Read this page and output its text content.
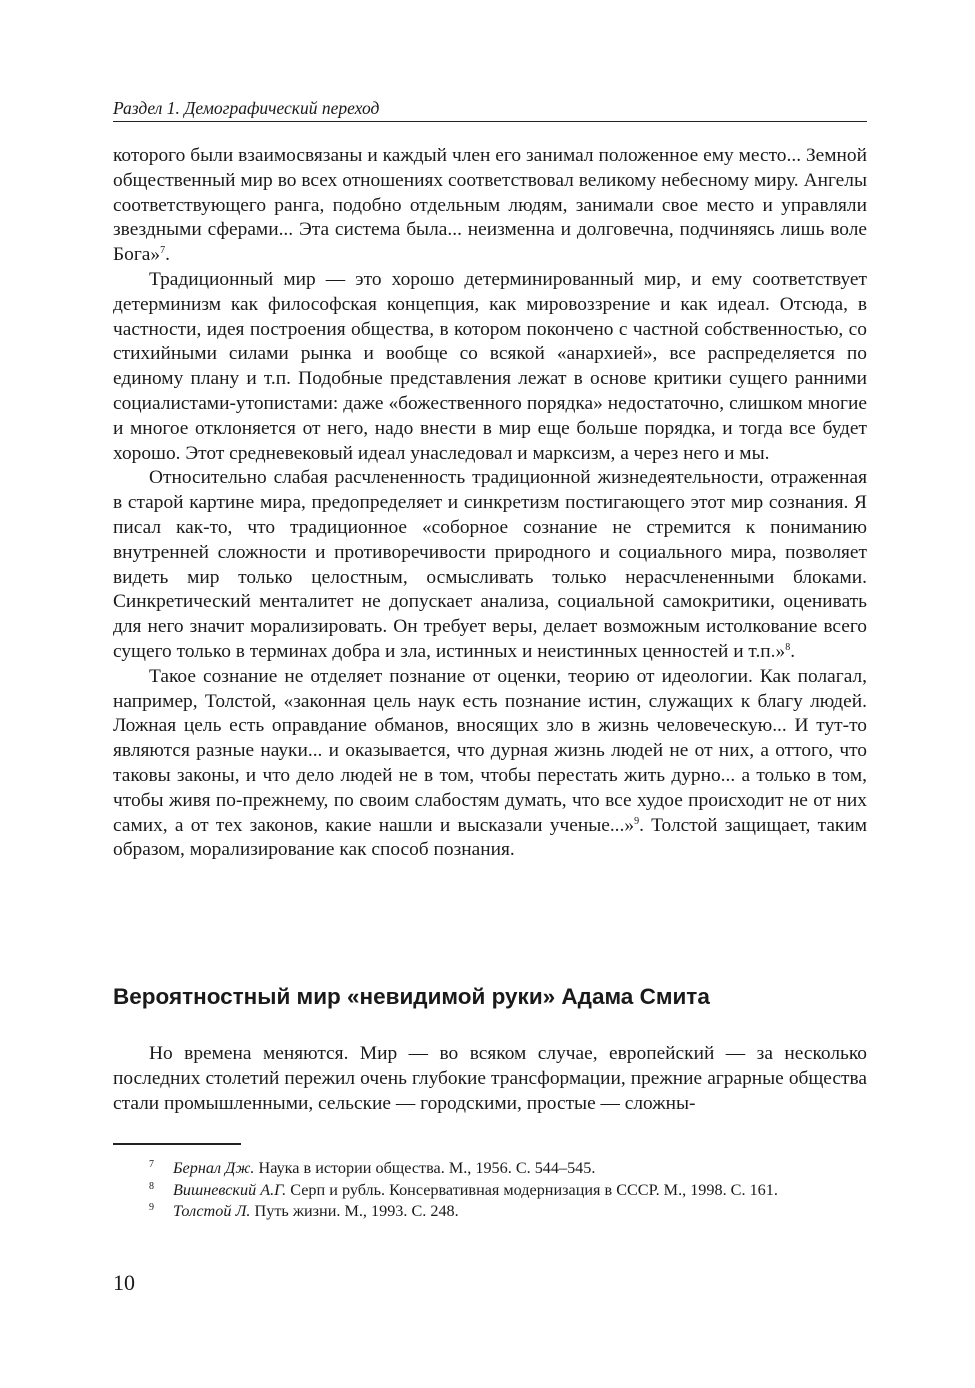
Раздел 1. Демографический переход

которого были взаимосвязаны и каждый член его занимал положенное ему место... Земной общественный мир во всех отношениях соответствовал великому небесному миру. Ангелы соответствующего ранга, подобно отдельным людям, занимали свое место и управляли звездными сферами... Эта система была... неизменна и долговечна, подчиняясь лишь воле Бога»$^7$.

Традиционный мир — это хорошо детерминированный мир, и ему соответствует детерминизм как философская концепция, как мировоззрение и как идеал. Отсюда, в частности, идея построения общества, в котором покончено с частной собственностью, со стихийными силами рынка и вообще со всякой «анархией», все распределяется по единому плану и т.п. Подобные представления лежат в основе критики сущего ранними социалистами-утопистами: даже «божественного порядка» недостаточно, слишком многие и многое отклоняется от него, надо внести в мир еще больше порядка, и тогда все будет хорошо. Этот средневековый идеал унаследовал и марксизм, а через него и мы.

Относительно слабая расчлененность традиционной жизнедеятельности, отраженная в старой картине мира, предопределяет и синкретизм постигающего этот мир сознания. Я писал как-то, что традиционное «соборное сознание не стремится к пониманию внутренней сложности и противоречивости природного и социального мира, позволяет видеть мир только целостным, осмысливать только нерасчлененными блоками. Синкретический менталитет не допускает анализа, социальной самокритики, оценивать для него значит морализировать. Он требует веры, делает возможным истолкование всего сущего только в терминах добра и зла, истинных и неистинных ценностей и т.п.»$^8$.

Такое сознание не отделяет познание от оценки, теорию от идеологии. Как полагал, например, Толстой, «законная цель наук есть познание истин, служащих к благу людей. Ложная цель есть оправдание обманов, вносящих зло в жизнь человеческую... И тут-то являются разные науки... и оказывается, что дурная жизнь людей не от них, а оттого, что таковы законы, и что дело людей не в том, чтобы перестать жить дурно... а только в том, чтобы живя по-прежнему, по своим слабостям думать, что все худое происходит не от них самих, а от тех законов, какие нашли и высказали ученые...»$^9$. Толстой защищает, таким образом, морализирование как способ познания.

Вероятностный мир «невидимой руки» Адама Смита

Но времена меняются. Мир — во всяком случае, европейский — за несколько последних столетий пережил очень глубокие трансформации, прежние аграрные общества стали промышленными, сельские — городскими, простые — сложны-

7 Бернал Дж. Наука в истории общества. М., 1956. С. 544–545.

8 Вишневский А.Г. Серп и рубль. Консервативная модернизация в СССР. М., 1998. С. 161.

9 Толстой Л. Путь жизни. М., 1993. С. 248.

10
